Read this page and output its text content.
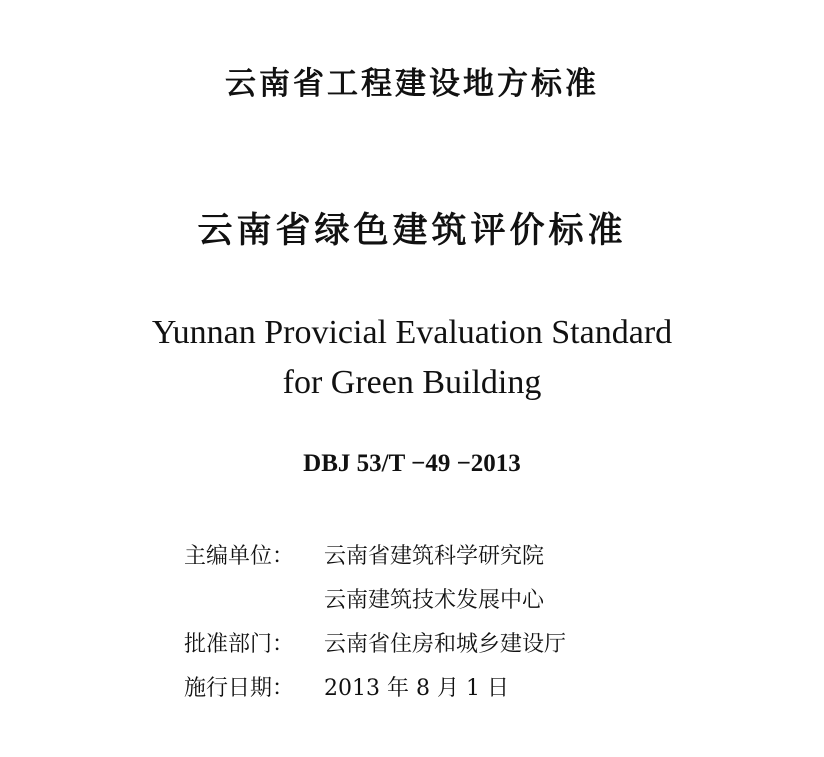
云南省工程建设地方标准
云南省绿色建筑评价标准
Yunnan Provicial Evaluation Standard
for Green Building
DBJ 53/T −49 −2013
主编单位：	云南省建筑科学研究院
云南建筑技术发展中心
批准部门：	云南省住房和城乡建设厅
施行日期：	2013 年 8 月 1 日
